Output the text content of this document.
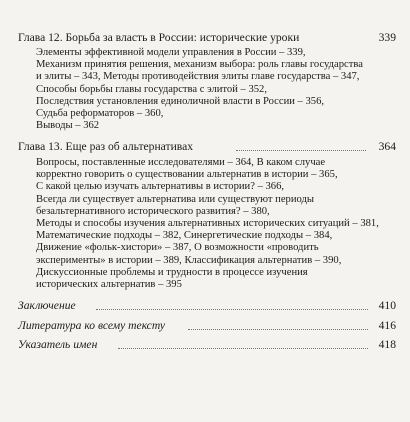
Глава 12. Борьба за власть в России: исторические уроки	339
Элементы эффективной модели управления в России – 339,
Механизм принятия решения, механизм выбора: роль главы государства
и элиты – 343, Методы противодействия элиты главе государства – 347,
Способы борьбы главы государства с элитой – 352,
Последствия установления единоличной власти в России – 356,
Судьба реформаторов – 360,
Выводы – 362
Глава 13. Еще раз об альтернативах	364
Вопросы, поставленные исследователями – 364, В каком случае
корректно говорить о существовании альтернатив в истории – 365,
С какой целью изучать альтернативы в истории? – 366,
Всегда ли существует альтернатива или существуют периоды
безальтернативного исторического развития? – 380,
Методы и способы изучения альтернативных исторических ситуаций – 381,
Математические подходы – 382, Синергетические подходы – 384,
Движение «фольк-хистори» – 387, О возможности «проводить
эксперименты» в истории – 389, Классификация альтернатив – 390,
Дискуссионные проблемы и трудности в процессе изучения
исторических альтернатив – 395
Заключение	410
Литература ко всему тексту	416
Указатель имен	418
